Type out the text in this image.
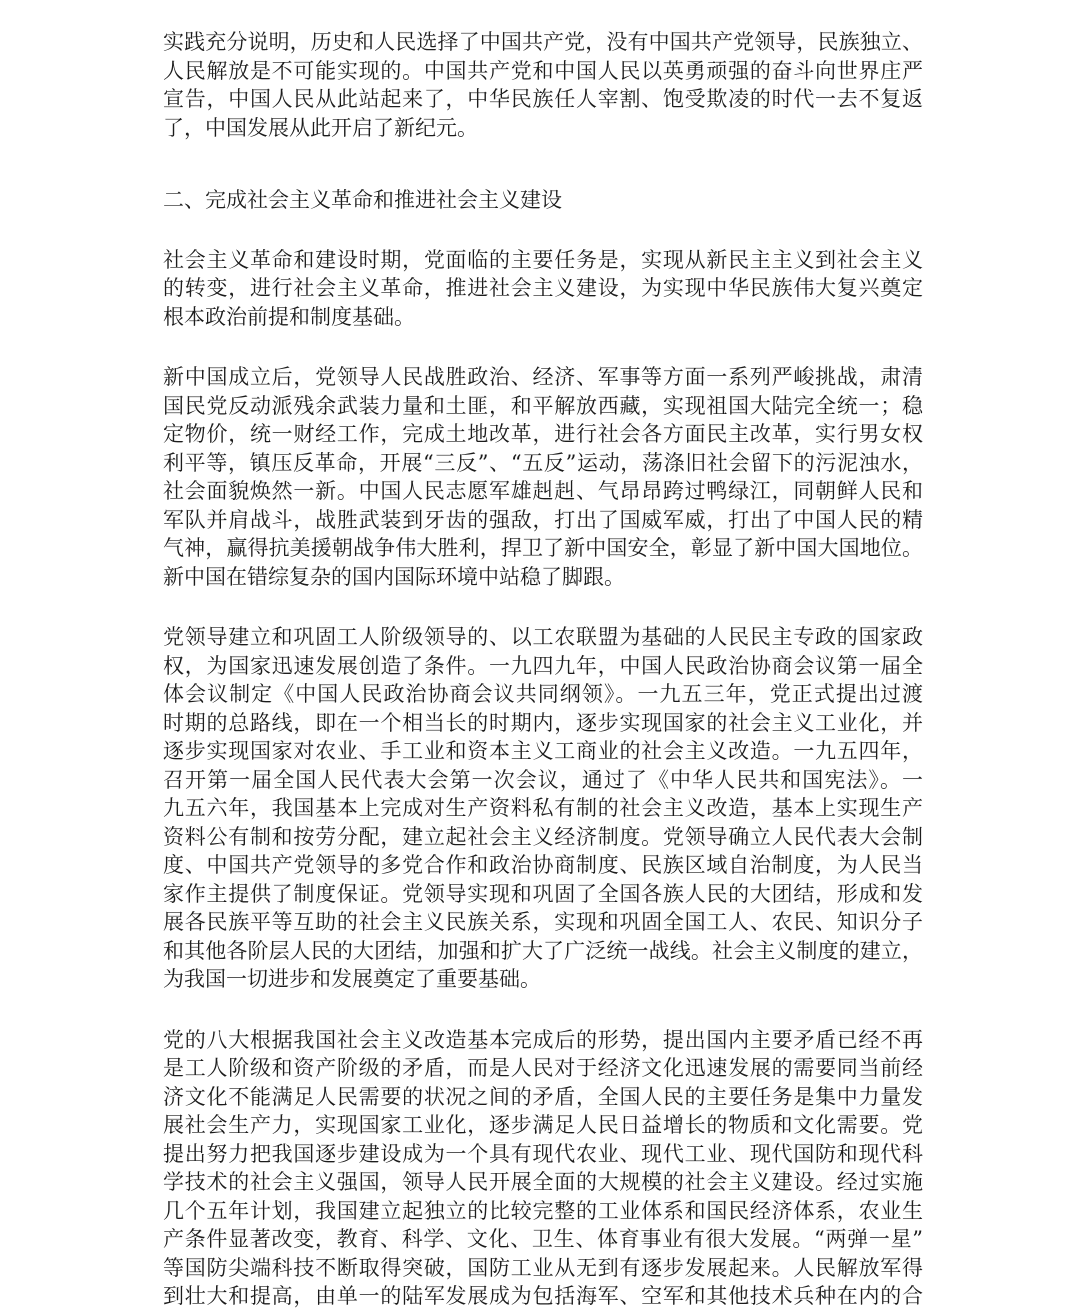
实践充分说明，历史和人民选择了中国共产党，没有中国共产党领导，民族独立、
人民解放是不可能实现的。中国共产党和中国人民以英勇顽强的奋斗向世界庄严
宣告，中国人民从此站起来了，中华民族任人宰割、饱受欺凌的时代一去不复返
了，中国发展从此开启了新纪元。
二、完成社会主义革命和推进社会主义建设
社会主义革命和建设时期，党面临的主要任务是，实现从新民主主义到社会主义
的转变，进行社会主义革命，推进社会主义建设，为实现中华民族伟大复兴奠定
根本政治前提和制度基础。
新中国成立后，党领导人民战胜政治、经济、军事等方面一系列严峻挑战，肃清
国民党反动派残余武装力量和土匪，和平解放西藏，实现祖国大陆完全统一；稳
定物价，统一财经工作，完成土地改革，进行社会各方面民主改革，实行男女权
利平等，镇压反革命，开展“三反”、“五反”运动，荡涤旧社会留下的污泥浊水，
社会面貌焕然一新。中国人民志愿军雄赳赳、气昂昂跨过鸭绿江，同朝鲜人民和
军队并肩战斗，战胜武装到牙齿的强敌，打出了国威军威，打出了中国人民的精
气神，赢得抗美援朝战争伟大胜利，捍卫了新中国安全，彰显了新中国大国地位。
新中国在错综复杂的国内国际环境中站稳了脚跟。
党领导建立和巩固工人阶级领导的、以工农联盟为基础的人民民主专政的国家政
权，为国家迅速发展创造了条件。一九四九年，中国人民政治协商会议第一届全
体会议制定《中国人民政治协商会议共同纲领》。一九五三年，党正式提出过渡
时期的总路线，即在一个相当长的时期内，逐步实现国家的社会主义工业化，并
逐步实现国家对农业、手工业和资本主义工商业的社会主义改造。一九五四年，
召开第一届全国人民代表大会第一次会议，通过了《中华人民共和国宪法》。一
九五六年，我国基本上完成对生产资料私有制的社会主义改造，基本上实现生产
资料公有制和按劳分配，建立起社会主义经济制度。党领导确立人民代表大会制
度、中国共产党领导的多党合作和政治协商制度、民族区域自治制度，为人民当
家作主提供了制度保证。党领导实现和巩固了全国各族人民的大团结，形成和发
展各民族平等互助的社会主义民族关系，实现和巩固全国工人、农民、知识分子
和其他各阶层人民的大团结，加强和扩大了广泛统一战线。社会主义制度的建立，
为我国一切进步和发展奠定了重要基础。
党的八大根据我国社会主义改造基本完成后的形势，提出国内主要矛盾已经不再
是工人阶级和资产阶级的矛盾，而是人民对于经济文化迅速发展的需要同当前经
济文化不能满足人民需要的状况之间的矛盾，全国人民的主要任务是集中力量发
展社会生产力，实现国家工业化，逐步满足人民日益增长的物质和文化需要。党
提出努力把我国逐步建设成为一个具有现代农业、现代工业、现代国防和现代科
学技术的社会主义强国，领导人民开展全面的大规模的社会主义建设。经过实施
几个五年计划，我国建立起独立的比较完整的工业体系和国民经济体系，农业生
产条件显著改变，教育、科学、文化、卫生、体育事业有很大发展。“两弹一星”
等国防尖端科技不断取得突破，国防工业从无到有逐步发展起来。人民解放军得
到壮大和提高，由单一的陆军发展成为包括海军、空军和其他技术兵种在内的合
